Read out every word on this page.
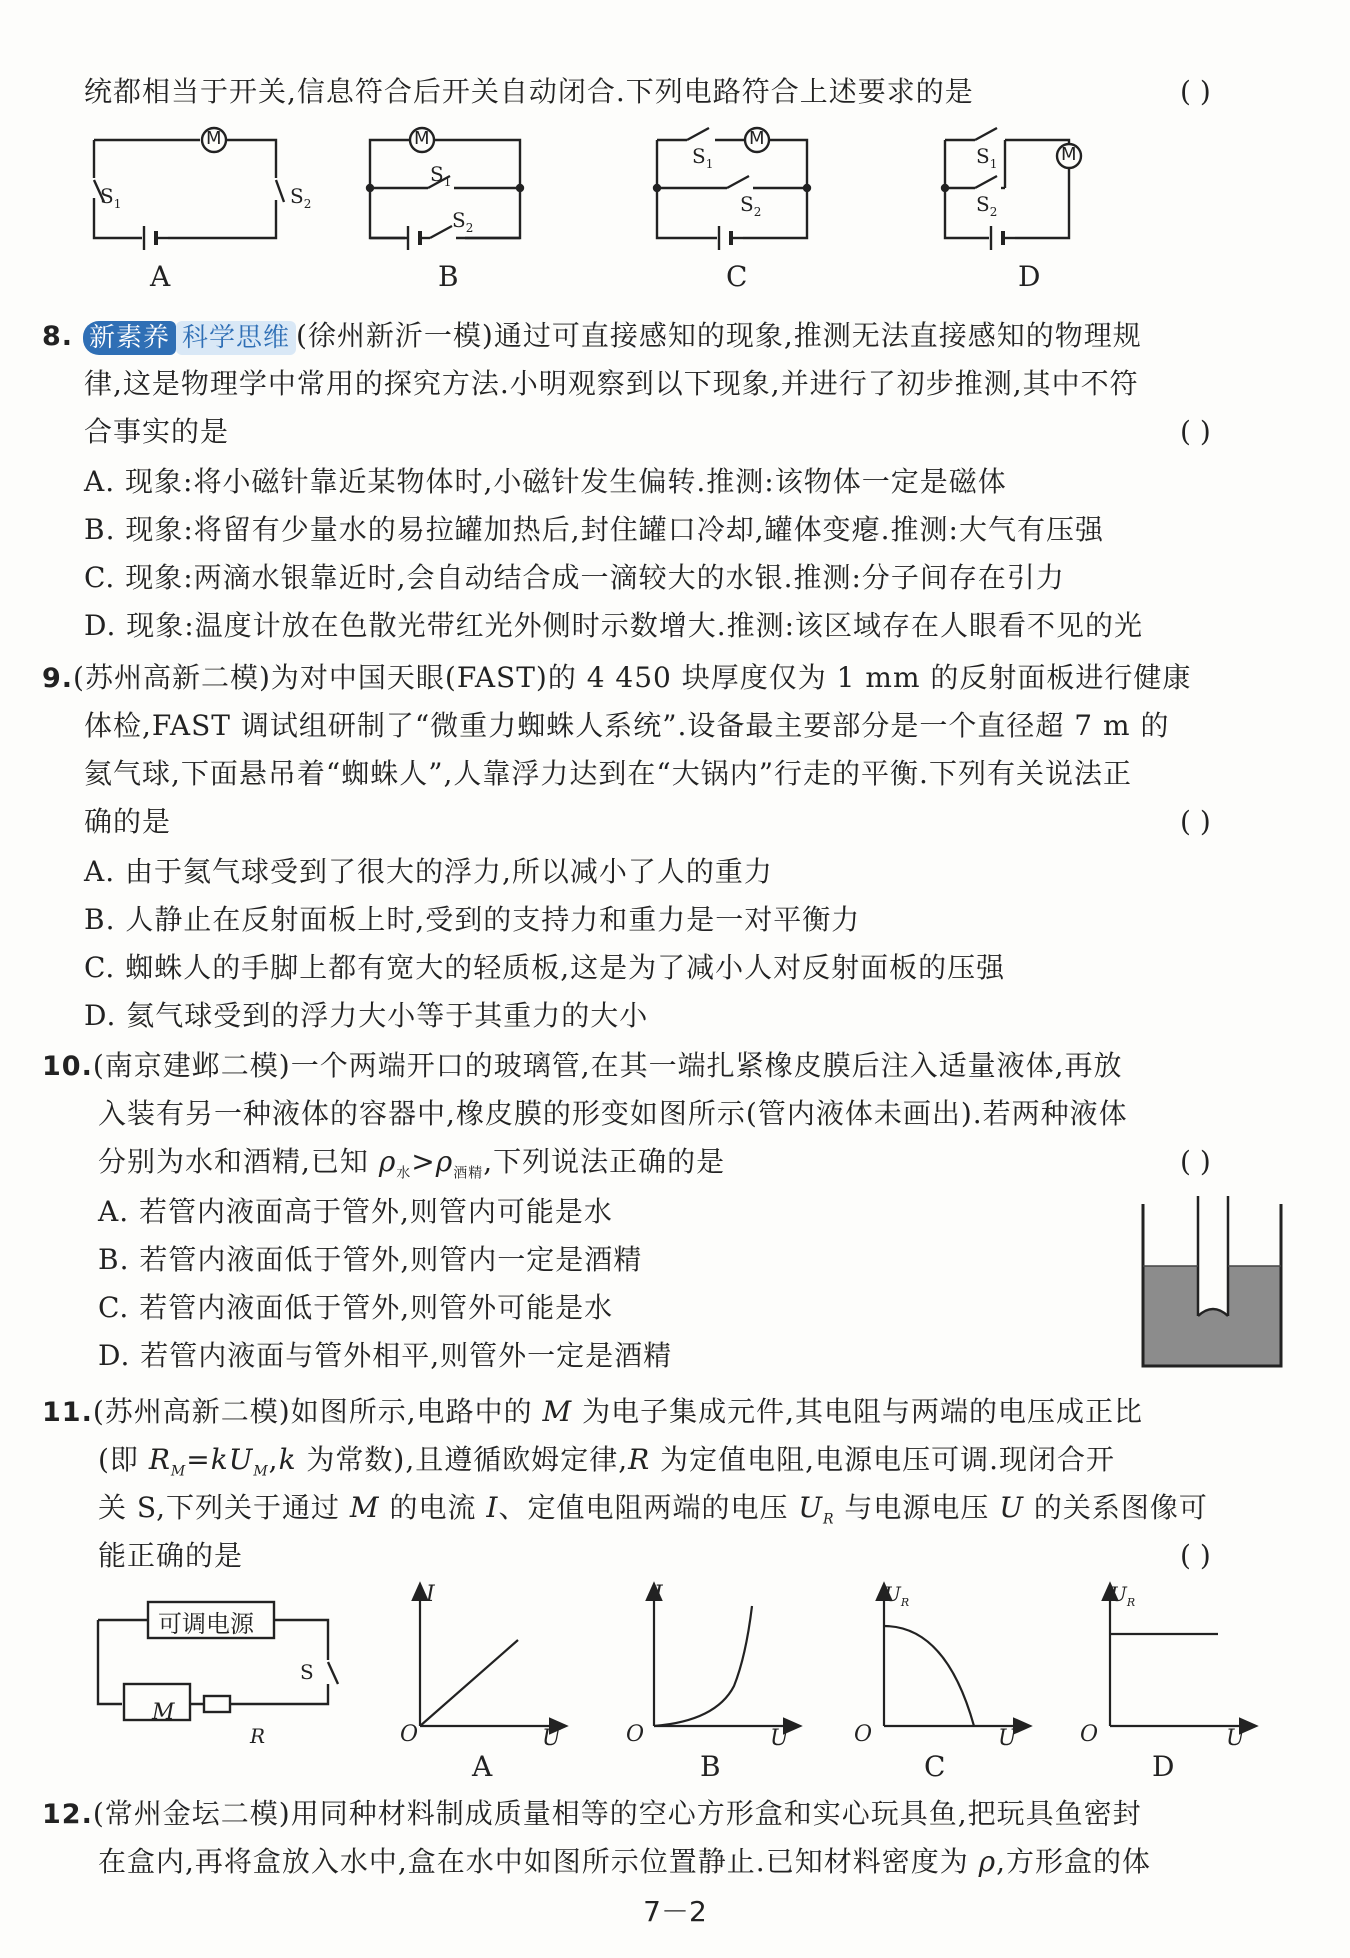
统都相当于开关,信息符合后开关自动闭合.下列电路符合上述要求的是	( )
M	M	M
M
$S_1$	$S_2$
$S_1$
$S_2$
$S_1$
$S_2$
$S_1$
$S_2$
A	B	C	D
8. 新素养 科学思维 (徐州新沂一模)通过可直接感知的现象,推测无法直接感知的物理规
律,这是物理学中常用的探究方法.小明观察到以下现象,并进行了初步推测,其中不符
合事实的是	( )
A. 现象:将小磁针靠近某物体时,小磁针发生偏转.推测:该物体一定是磁体
B. 现象:将留有少量水的易拉罐加热后,封住罐口冷却,罐体变瘪.推测:大气有压强
C. 现象:两滴水银靠近时,会自动结合成一滴较大的水银.推测:分子间存在引力
D. 现象:温度计放在色散光带红光外侧时示数增大.推测:该区域存在人眼看不见的光
9.(苏州高新二模)为对中国天眼(FAST)的 4 450 块厚度仅为 1 mm 的反射面板进行健康
体检,FAST 调试组研制了“微重力蜘蛛人系统”.设备最主要部分是一个直径超 7 m 的
氦气球,下面悬吊着“蜘蛛人”,人靠浮力达到在“大锅内”行走的平衡.下列有关说法正
确的是	( )
A. 由于氦气球受到了很大的浮力,所以减小了人的重力
B. 人静止在反射面板上时,受到的支持力和重力是一对平衡力
C. 蜘蛛人的手脚上都有宽大的轻质板,这是为了减小人对反射面板的压强
D. 氦气球受到的浮力大小等于其重力的大小
10.(南京建邺二模)一个两端开口的玻璃管,在其一端扎紧橡皮膜后注入适量液体,再放
入装有另一种液体的容器中,橡皮膜的形变如图所示(管内液体未画出).若两种液体
分别为水和酒精,已知 $\rho_水>\rho_{酒精}$,下列说法正确的是	( )
A. 若管内液面高于管外,则管内可能是水
B. 若管内液面低于管外,则管内一定是酒精
C. 若管内液面低于管外,则管外可能是水
D. 若管内液面与管外相平,则管外一定是酒精
11.(苏州高新二模)如图所示,电路中的 M 为电子集成元件,其电阻与两端的电压成正比
(即 $R_M=kU_M,k$ 为常数),且遵循欧姆定律,R 为定值电阻,电源电压可调.现闭合开
关 S,下列关于通过 M 的电流 I、定值电阻两端的电压 $U_R$ 与电源电压 U 的关系图像可
能正确的是	( )
可调电源
M
R
S
I
O	U
A
I
O	U
B
$U_R$
O	U
C
$U_R$
O	U
D
12.(常州金坛二模)用同种材料制成质量相等的空心方形盒和实心玩具鱼,把玩具鱼密封
在盒内,再将盒放入水中,盒在水中如图所示位置静止.已知材料密度为 ρ,方形盒的体
7－2
